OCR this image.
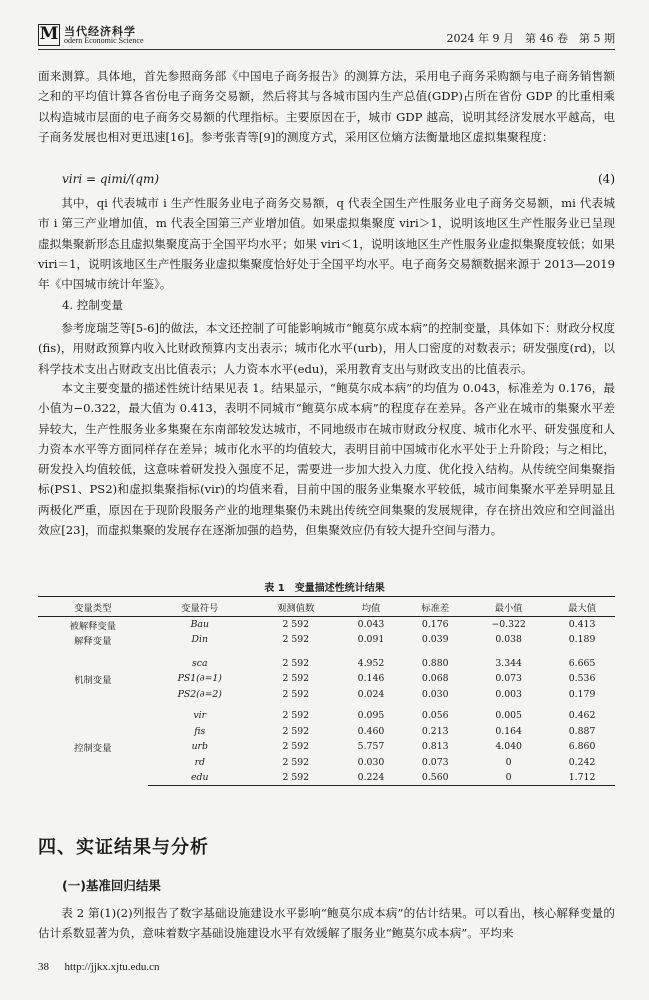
M 当代经济科学
odern Economic Science	2024 年 9 月　第 46 卷　第 5 期
面来测算。具体地，首先参照商务部《中国电子商务报告》的测算方法，采用电子商务采购额与电子商务销售额之和的平均值计算各省份电子商务交易额，然后将其与各城市国内生产总值(GDP)占所在省份 GDP 的比重相乘以构造城市层面的电子商务交易额的代理指标。主要原因在于，城市 GDP 越高，说明其经济发展水平越高，电子商务发展也相对更迅速[16]。参考张青等[9]的测度方式，采用区位熵方法衡量地区虚拟集聚程度：
viri = qimi/(qm)	(4)
其中，qi 代表城市 i 生产性服务业电子商务交易额，q 代表全国生产性服务业电子商务交易额，mi 代表城市 i 第三产业增加值，m 代表全国第三产业增加值。如果虚拟集聚度 viri＞1，说明该地区生产性服务业已呈现虚拟集聚新形态且虚拟集聚度高于全国平均水平；如果 viri＜1，说明该地区生产性服务业虚拟集聚度较低；如果 viri＝1，说明该地区生产性服务业虚拟集聚度恰好处于全国平均水平。电子商务交易额数据来源于 2013—2019 年《中国城市统计年鉴》。
4. 控制变量
参考庞瑞芝等[5-6]的做法，本文还控制了可能影响城市“鲍莫尔成本病”的控制变量，具体如下：财政分权度(fis)，用财政预算内收入比财政预算内支出表示；城市化水平(urb)，用人口密度的对数表示；研发强度(rd)，以科学技术支出占财政支出比值表示；人力资本水平(edu)，采用教育支出与财政支出的比值表示。
本文主要变量的描述性统计结果见表 1。结果显示，“鲍莫尔成本病”的均值为 0.043，标准差为 0.176，最小值为−0.322，最大值为 0.413，表明不同城市“鲍莫尔成本病”的程度存在差异。各产业在城市的集聚水平差异较大，生产性服务业多集聚在东南部较发达城市，不同地级市在城市财政分权度、城市化水平、研发强度和人力资本水平等方面同样存在差异；城市化水平的均值较大，表明目前中国城市化水平处于上升阶段；与之相比，研发投入均值较低，这意味着研发投入强度不足，需要进一步加大投入力度、优化投入结构。从传统空间集聚指标(PS1、PS2)和虚拟集聚指标(vir)的均值来看，目前中国的服务业集聚水平较低，城市间集聚水平差异明显且两极化严重，原因在于现阶段服务产业的地理集聚仍未跳出传统空间集聚的发展规律，存在挤出效应和空间溢出效应[23]，而虚拟集聚的发展存在逐渐加强的趋势，但集聚效应仍有较大提升空间与潜力。
表 1　变量描述性统计结果
变量类型	变量符号	观测值数	均值	标准差	最小值	最大值
被解释变量	Bau	2 592	0.043	0.176	−0.322	0.413
解释变量	Din	2 592	0.091	0.039	0.038	0.189

机制变量	sca	2 592	4.952	0.880	3.344	6.665
	PS1(∂=1)	2 592	0.146	0.068	0.073	0.536
	PS2(∂=2)	2 592	0.024	0.030	0.003	0.179

控制变量	vir	2 592	0.095	0.056	0.005	0.462
	fis	2 592	0.460	0.213	0.164	0.887
	urb	2 592	5.757	0.813	4.040	6.860
	rd	2 592	0.030	0.073	0	0.242
	edu	2 592	0.224	0.560	0	1.712
四、实证结果与分析
(一)基准回归结果
表 2 第(1)(2)列报告了数字基础设施建设水平影响“鲍莫尔成本病”的估计结果。可以看出，核心解释变量的估计系数显著为负，意味着数字基础设施建设水平有效缓解了服务业“鲍莫尔成本病”。平均来
38 http://jjkx.xjtu.edu.cn
